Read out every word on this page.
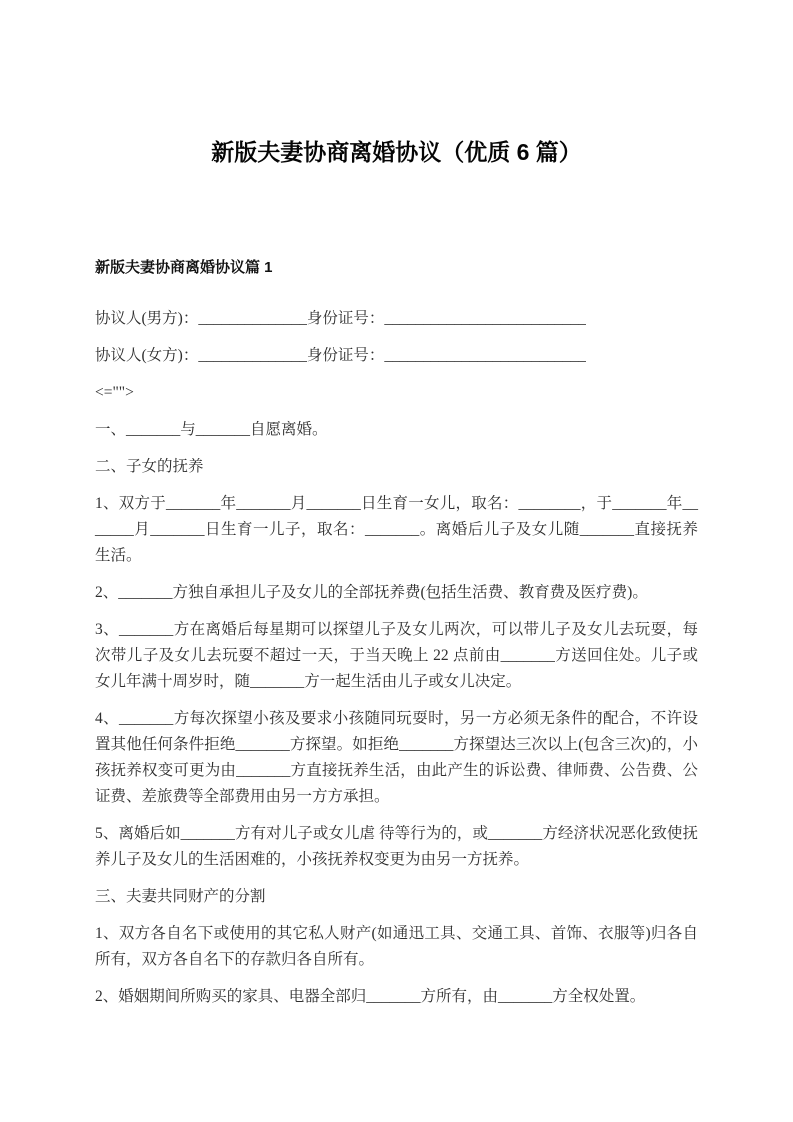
新版夫妻协商离婚协议（优质 6 篇）
新版夫妻协商离婚协议篇 1

协议人(男方)：______________身份证号：__________________________

协议人(女方)：______________身份证号：__________________________

<="">

一、_______与_______自愿离婚。

二、子女的抚养

1、双方于_______年_______月_______日生育一女儿，取名：________，于_______年_______月_______日生育一儿子，取名：_______。离婚后儿子及女儿随_______直接抚养生活。

2、_______方独自承担儿子及女儿的全部抚养费(包括生活费、教育费及医疗费)。

3、_______方在离婚后每星期可以探望儿子及女儿两次，可以带儿子及女儿去玩耍，每次带儿子及女儿去玩耍不超过一天，于当天晚上 22 点前由_______方送回住处。儿子或女儿年满十周岁时，随_______方一起生活由儿子或女儿决定。

4、_______方每次探望小孩及要求小孩随同玩耍时，另一方必须无条件的配合，不许设置其他任何条件拒绝_______方探望。如拒绝_______方探望达三次以上(包含三次)的，小孩抚养权变可更为由_______方直接抚养生活，由此产生的诉讼费、律师费、公告费、公证费、差旅费等全部费用由另一方方承担。

5、离婚后如_______方有对儿子或女儿虐 待等行为的，或_______方经济状况恶化致使抚养儿子及女儿的生活困难的，小孩抚养权变更为由另一方抚养。

三、夫妻共同财产的分割

1、双方各自名下或使用的其它私人财产(如通迅工具、交通工具、首饰、衣服等)归各自所有，双方各自名下的存款归各自所有。

2、婚姻期间所购买的家具、电器全部归_______方所有，由_______方全权处置。
